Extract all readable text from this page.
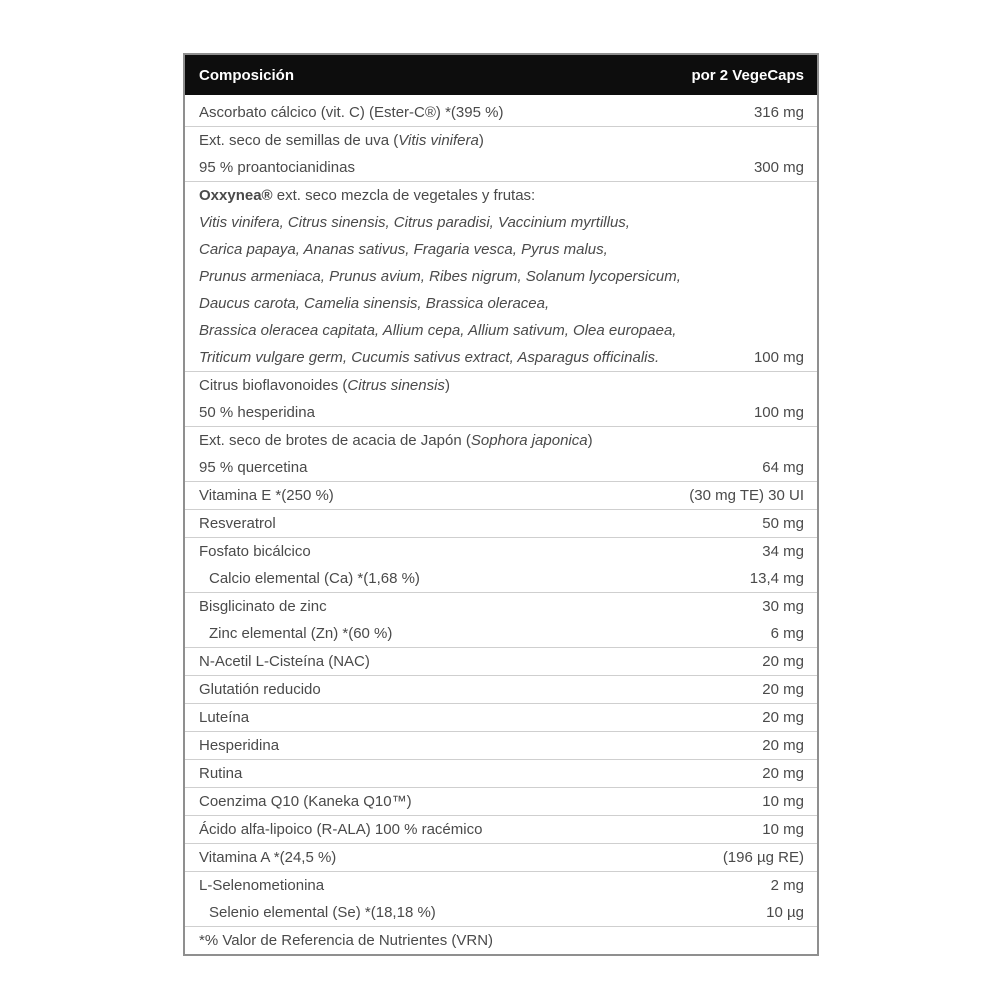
Composición	por 2 VegeCaps
Ascorbato cálcico (vit. C) (Ester-C®) *(395 %)	316 mg
Ext. seco de semillas de uva (Vitis vinifera)
95 % proantocianidinas	300 mg
Oxxynea® ext. seco mezcla de vegetales y frutas:
Vitis vinifera, Citrus sinensis, Citrus paradisi, Vaccinium myrtillus,
Carica papaya, Ananas sativus, Fragaria vesca, Pyrus malus,
Prunus armeniaca, Prunus avium, Ribes nigrum, Solanum lycopersicum,
Daucus carota, Camelia sinensis, Brassica oleracea,
Brassica oleracea capitata, Allium cepa, Allium sativum, Olea europaea,
Triticum vulgare germ, Cucumis sativus extract, Asparagus officinalis.	100 mg
Citrus bioflavonoides (Citrus sinensis)
50 % hesperidina	100 mg
Ext. seco de brotes de acacia de Japón (Sophora japonica)
95 % quercetina	64 mg
Vitamina E *(250 %)	(30 mg TE) 30 UI
Resveratrol	50 mg
Fosfato bicálcico	34 mg
Calcio elemental (Ca) *(1,68 %)	13,4 mg
Bisglicinato de zinc	30 mg
Zinc elemental (Zn) *(60 %)	6 mg
N-Acetil L-Cisteína (NAC)	20 mg
Glutatión reducido	20 mg
Luteína	20 mg
Hesperidina	20 mg
Rutina	20 mg
Coenzima Q10 (Kaneka Q10™)	10 mg
Ácido alfa-lipoico (R-ALA) 100 % racémico	10 mg
Vitamina A *(24,5 %)	(196 µg RE)
L-Selenometionina	2 mg
Selenio elemental (Se) *(18,18 %)	10 µg
*% Valor de Referencia de Nutrientes (VRN)
